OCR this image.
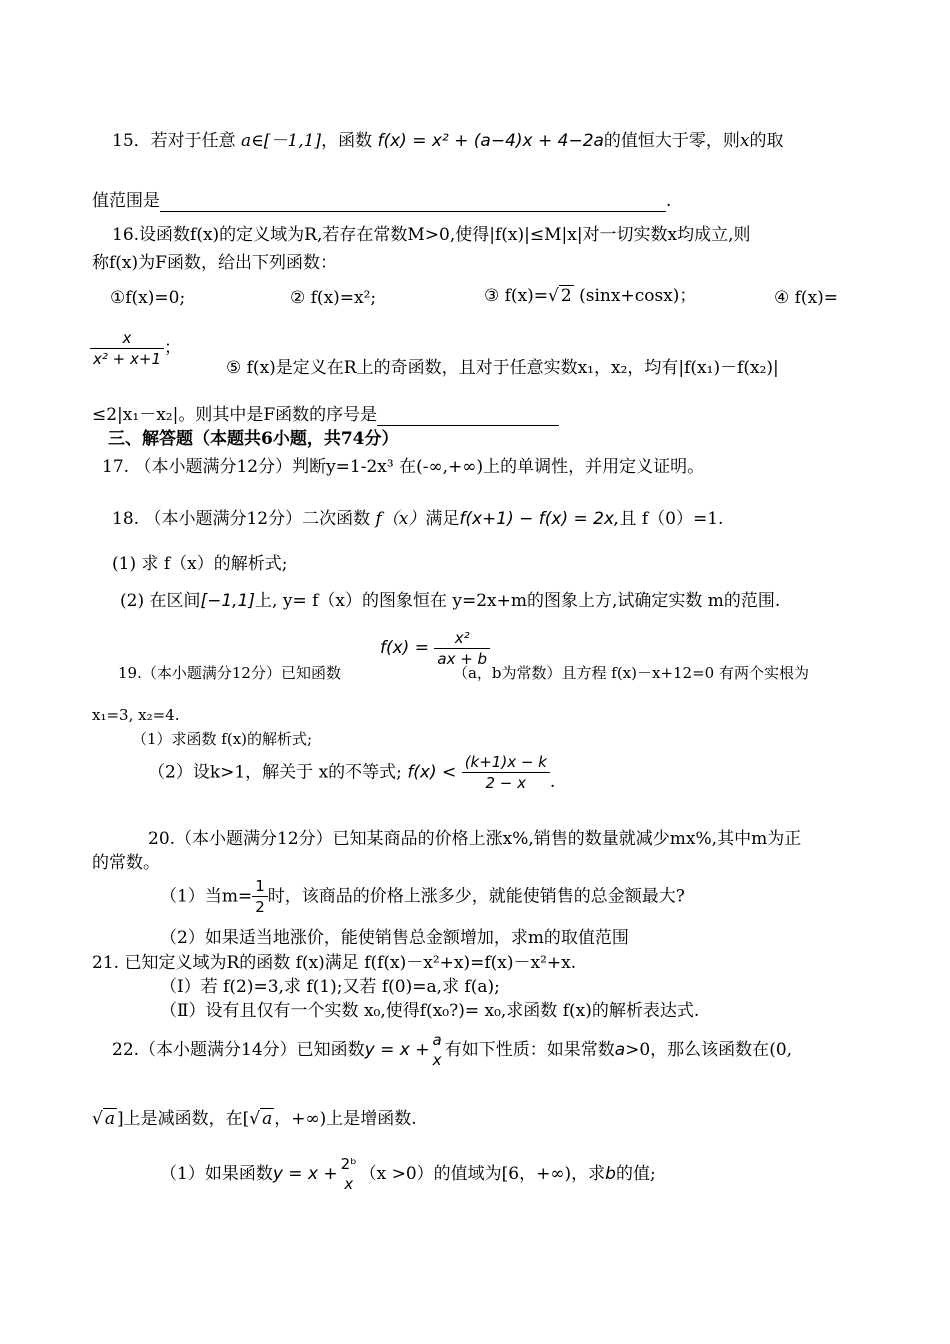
15．若对于任意 a∈[－1,1]，函数 f(x) = x² + (a−4)x + 4−2a的值恒大于零，则x的取
值范围是	.
16.设函数f(x)的定义域为R,若存在常数M>0,使得|f(x)|≤M|x|对一切实数x均成立,则
称f(x)为F函数，给出下列函数：
①f(x)=0;	② f(x)=x²;	③ f(x)=√ 2 (sinx+cosx)；	④ f(x)=
$\frac{x}{\text{x² + x+1}}$ ；
⑤ f(x)是定义在R上的奇函数，且对于任意实数x₁，x₂，均有|f(x₁)－f(x₂)|
≤2|x₁－x₂|。则其中是F函数的序号是
三、解答题（本题共6小题，共74分）
17. （本小题满分12分）判断y=1-2x³ 在(-∞,+∞)上的单调性，并用定义证明。
18. （本小题满分12分）二次函数 f（x）满足f(x+1) − f(x) = 2x,且 f（0）=1.
(1) 求 f（x）的解析式;
(2) 在区间[−1,1]上, y= f（x）的图象恒在 y=2x+m的图象上方,试确定实数 m的范围.
$f(x) = \frac{\text{x²}}{ax + b}$
19.（本小题满分12分）已知函数	（a，b为常数）且方程 f(x)－x+12=0 有两个实根为
x₁=3, x₂=4.
（1）求函数 f(x)的解析式;
（2）设k>1，解关于 x的不等式; $f(x) < \frac{(k+1)x - k}{2 - x}$ .
20.（本小题满分12分）已知某商品的价格上涨x%,销售的数量就减少mx%,其中m为正
的常数。
（1）当$m= \frac{1}{2}$ 时，该商品的价格上涨多少，就能使销售的总金额最大?
（2）如果适当地涨价，能使销售总金额增加，求m的取值范围
21. 已知定义域为R的函数 f(x)满足 f(f(x)－x²+x)=f(x)－x²+x.
（Ⅰ）若 f(2)=3,求 f(1);又若 f(0)=a,求 f(a);
（Ⅱ）设有且仅有一个实数 x₀,使得f(x₀?)= x₀,求函数 f(x)的解析表达式.
22.（本小题满分14分）已知函数y = x + a
x 有如下性质：如果常数a>0，那么该函数在(0,
√ a ]上是减函数，在[√ a ，+∞)上是增函数.
（1）如果函数y = x + 2ᵇ
x （x >0）的值域为[6，+∞)，求b的值;
